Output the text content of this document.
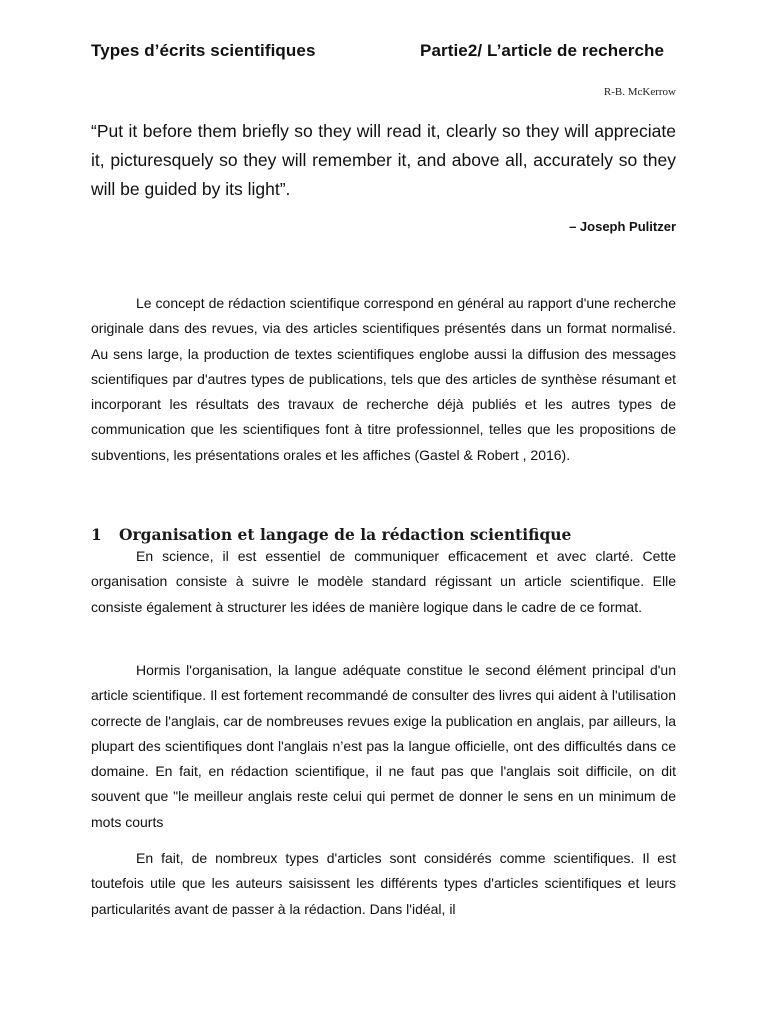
Types d’écrits scientifiques	Partie2/ L’article de recherche
R-B. McKerrow
“Put it before them briefly so they will read it, clearly so they will appreciate it, picturesquely so they will remember it, and above all, accurately so they will be guided by its light”.
– Joseph Pulitzer

Le concept de rédaction scientifique correspond en général au rapport d'une recherche originale dans des revues, via des articles scientifiques présentés dans un format normalisé. Au sens large, la production de textes scientifiques englobe aussi la diffusion des messages scientifiques par d'autres types de publications, tels que des articles de synthèse résumant et incorporant les résultats des travaux de recherche déjà publiés et les autres types de communication que les scientifiques font à titre professionnel, telles que les propositions de subventions, les présentations orales et les affiches (Gastel & Robert , 2016).

1 Organisation et langage de la rédaction scientifique

En science, il est essentiel de communiquer efficacement et avec clarté. Cette organisation consiste à suivre le modèle standard régissant un article scientifique. Elle consiste également à structurer les idées de manière logique dans le cadre de ce format.

Hormis l'organisation, la langue adéquate constitue le second élément principal d'un article scientifique. Il est fortement recommandé de consulter des livres qui aident à l'utilisation correcte de l'anglais, car de nombreuses revues exige la publication en anglais, par ailleurs, la plupart des scientifiques dont l'anglais n’est pas la langue officielle, ont des difficultés dans ce domaine. En fait, en rédaction scientifique, il ne faut pas que l'anglais soit difficile, on dit souvent que "le meilleur anglais reste celui qui permet de donner le sens en un minimum de mots courts

En fait, de nombreux types d'articles sont considérés comme scientifiques. Il est toutefois utile que les auteurs saisissent les différents types d'articles scientifiques et leurs particularités avant de passer à la rédaction. Dans l'idéal, il
